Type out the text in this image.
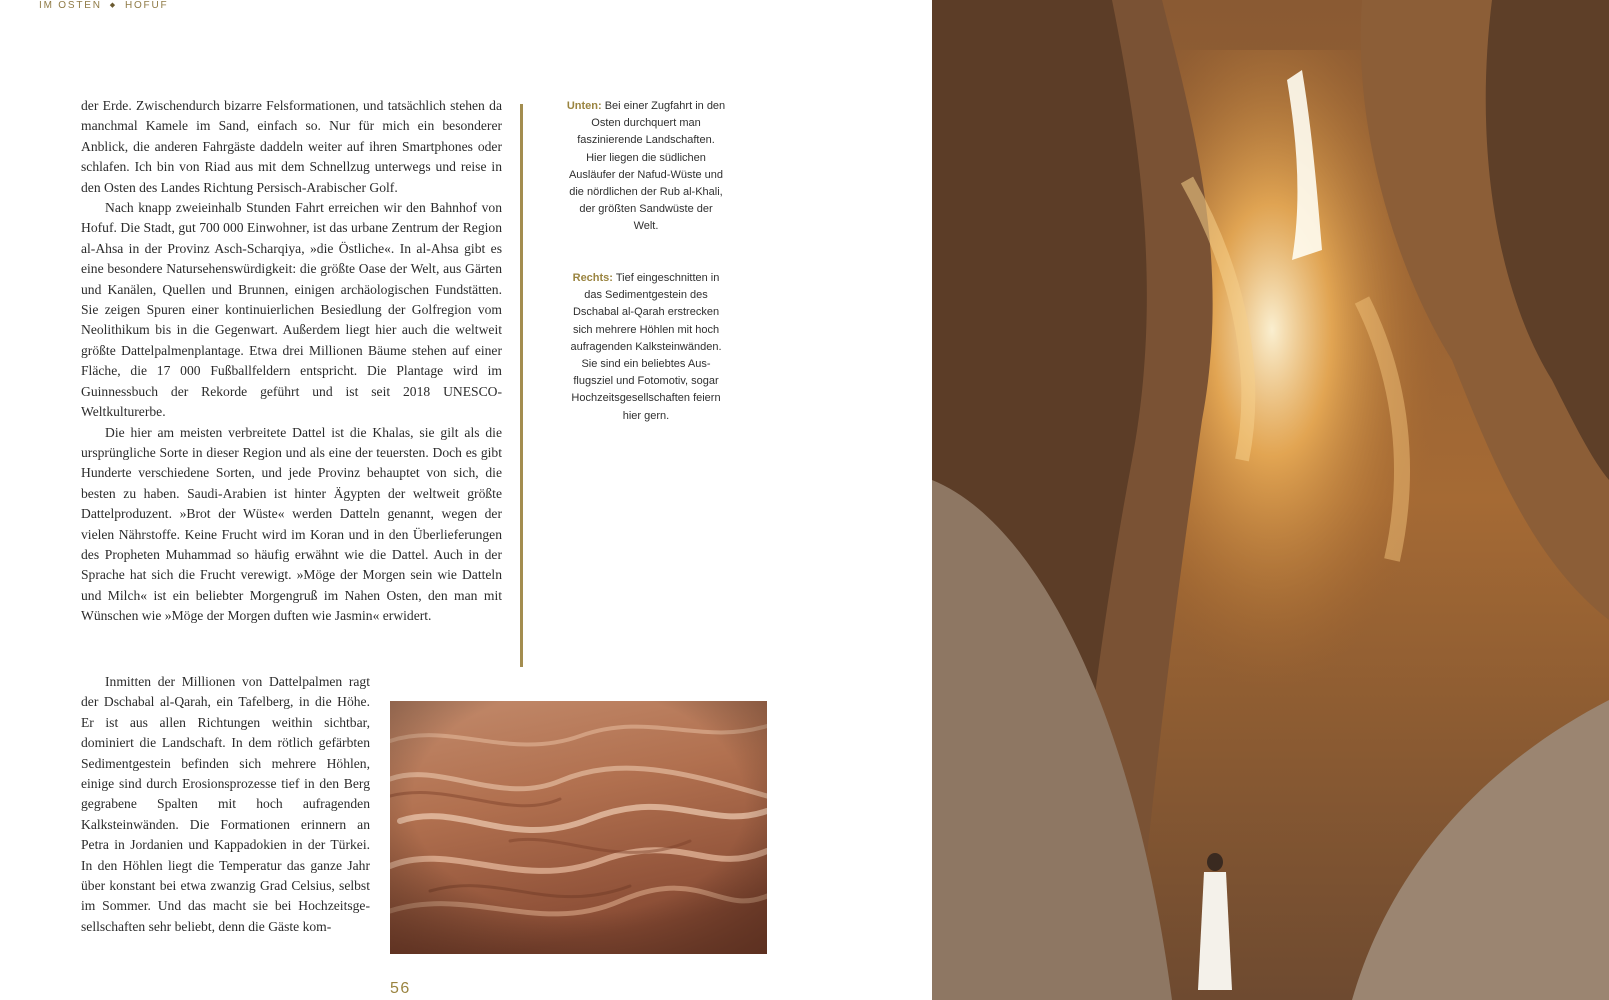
IM OSTEN ◆ HOFUF

der Erde. Zwischendurch bizarre Felsformationen, und tatsächlich stehen da manchmal Kamele im Sand, einfach so. Nur für mich ein besonderer Anblick, die anderen Fahrgäste daddeln weiter auf ihren Smartphones oder schlafen. Ich bin von Riad aus mit dem Schnellzug unterwegs und reise in den Osten des Landes Richtung Persisch-Arabischer Golf.

Nach knapp zweieinhalb Stunden Fahrt erreichen wir den Bahnhof von Hofuf. Die Stadt, gut 700 000 Einwohner, ist das urbane Zentrum der Region al-Ahsa in der Provinz Asch-Scharqiya, »die Östliche«. In al-Ahsa gibt es eine besondere Natursehenswürdigkeit: die größte Oase der Welt, aus Gärten und Kanälen, Quellen und Brunnen, einigen archäologischen Fundstätten. Sie zeigen Spuren einer kontinuierlichen Besiedlung der Golfregion vom Neolithikum bis in die Gegenwart. Außerdem liegt hier auch die weltweit größte Dattelpalmenplantage. Etwa drei Millionen Bäume stehen auf einer Fläche, die 17 000 Fußballfeldern entspricht. Die Plantage wird im Guinnessbuch der Rekorde geführt und ist seit 2018 UNESCO-Weltkulturerbe.

Die hier am meisten verbreitete Dattel ist die Khalas, sie gilt als die ursprüngliche Sorte in dieser Region und als eine der teuersten. Doch es gibt Hunderte verschiedene Sorten, und jede Provinz behauptet von sich, die besten zu haben. Saudi-Arabien ist hinter Ägypten der weltweit größte Dattelproduzent. »Brot der Wüste« werden Datteln genannt, wegen der vielen Nährstoffe. Keine Frucht wird im Koran und in den Überlieferungen des Propheten Muhammad so häufig erwähnt wie die Dattel. Auch in der Sprache hat sich die Frucht verewigt. »Möge der Morgen sein wie Datteln und Milch« ist ein beliebter Morgengruß im Nahen Osten, den man mit Wünschen wie »Möge der Morgen duften wie Jasmin« erwidert.

Unten: Bei einer Zugfahrt in den Osten durchquert man faszinierende Landschaften. Hier liegen die südlichen Ausläufer der Nafud-Wüste und die nördlichen der Rub al-Khali, der größten Sandwüste der Welt.
Rechts: Tief eingeschnitten in das Sedimentgestein des Dschabal al-Qarah erstrecken sich mehrere Höhlen mit hoch aufragenden Kalksteinwänden. Sie sind ein beliebtes Ausflugsziel und Fotomotiv, sogar Hochzeitsgesellschaften feiern hier gern.

Inmitten der Millionen von Dattelpalmen ragt der Dschabal al-Qarah, ein Tafelberg, in die Höhe. Er ist aus allen Richtungen weithin sichtbar, dominiert die Landschaft. In dem rötlich gefärbten Sedimentgestein befinden sich mehrere Höhlen, einige sind durch Erosionsprozesse tief in den Berg gegrabene Spalten mit hoch aufragenden Kalksteinwänden. Die Formationen erinnern an Petra in Jordanien und Kappadokien in der Türkei. In den Höhlen liegt die Temperatur das ganze Jahr über konstant bei etwa zwanzig Grad Celsius, selbst im Sommer. Und das macht sie bei Hochzeitsgesellschaften sehr beliebt, denn die Gäste kom-

56
